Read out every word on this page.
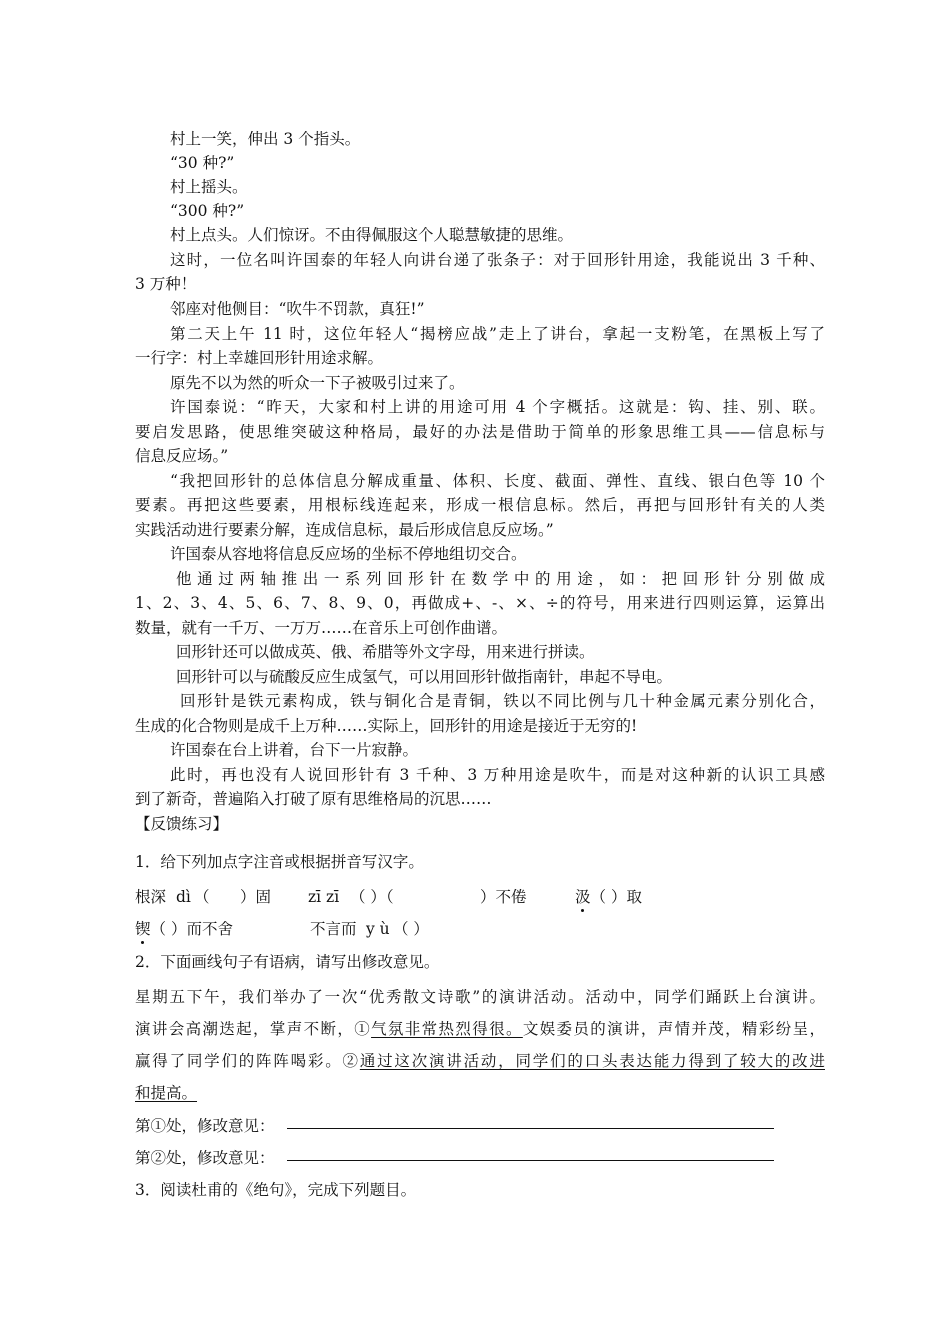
村上一笑，伸出 3 个指头。
“30 种?”
村上摇头。
“300 种?”
村上点头。人们惊讶。不由得佩服这个人聪慧敏捷的思维。
这时，一位名叫许国泰的年轻人向讲台递了张条子：对于回形针用途，我能说出 3 千种、
3 万种！
邻座对他侧目：“吹牛不罚款，真狂!”
第二天上午 11 时，这位年轻人“揭榜应战”走上了讲台，拿起一支粉笔，在黑板上写了
一行字：村上幸雄回形针用途求解。
原先不以为然的听众一下子被吸引过来了。
许国泰说：“昨天，大家和村上讲的用途可用 4 个字概括。这就是：钩、挂、别、联。
要启发思路，使思维突破这种格局，最好的办法是借助于简单的形象思维工具——信息标与
信息反应场。”
“我把回形针的总体信息分解成重量、体积、长度、截面、弹性、直线、银白色等 10 个
要素。再把这些要素，用根标线连起来，形成一根信息标。然后，再把与回形针有关的人类
实践活动进行要素分解，连成信息标，最后形成信息反应场。”
许国泰从容地将信息反应场的坐标不停地组切交合。
他通过两轴推出一系列回形针在数学中的用途，如：把回形针分别做成
1、2、3、4、5、6、7、8、9、0，再做成+、-、×、÷的符号，用来进行四则运算，运算出
数量，就有一千万、一万万……在音乐上可创作曲谱。
回形针还可以做成英、俄、希腊等外文字母，用来进行拼读。
回形针可以与硫酸反应生成氢气，可以用回形针做指南针，串起不导电。
回形针是铁元素构成，铁与铜化合是青铜，铁以不同比例与几十种金属元素分别化合，
生成的化合物则是成千上万种……实际上，回形针的用途是接近于无穷的!
许国泰在台上讲着，台下一片寂静。
此时，再也没有人说回形针有 3 千种、3 万种用途是吹牛，而是对这种新的认识工具感
到了新奇，普遍陷入打破了原有思维格局的沉思……
【反馈练习】
1．给下列加点字注音或根据拼音写汉字。
根深 dì （ ）固 zī zī （ ）（	）不倦	汲（ ）取
锲（ ）而不舍	不言而 y ù （ ）
2．下面画线句子有语病，请写出修改意见。
星期五下午，我们举办了一次“优秀散文诗歌”的演讲活动。活动中，同学们踊跃上台演讲。
演讲会高潮迭起，掌声不断，①气氛非常热烈得很。文娱委员的演讲，声情并茂，精彩纷呈，
赢得了同学们的阵阵喝彩。②通过这次演讲活动，同学们的口头表达能力得到了较大的改进
和提高。
第①处，修改意见：
第②处，修改意见：
3．阅读杜甫的《绝句》，完成下列题目。
